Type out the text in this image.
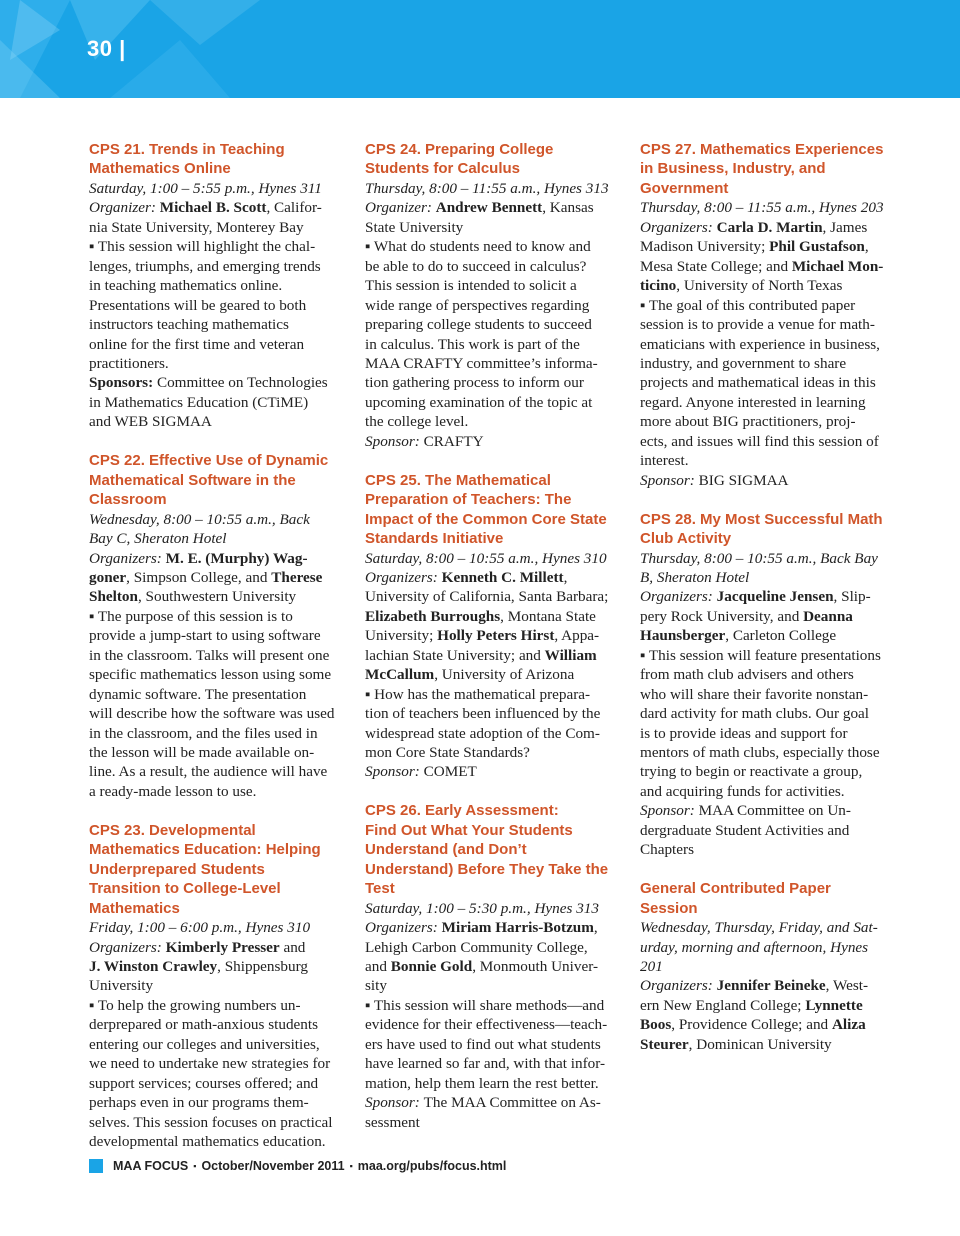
30 |
CPS 21. Trends in Teaching
Mathematics Online
Saturday, 1:00 – 5:55 p.m., Hynes 311
Organizer: Michael B. Scott, Califor-
nia State University, Monterey Bay
▪ This session will highlight the chal-
lenges, triumphs, and emerging trends
in teaching mathematics online.
Presentations will be geared to both
instructors teaching mathematics
online for the first time and veteran
practitioners.
Sponsors: Committee on Technologies
in Mathematics Education (CTiME)
and WEB SIGMAA
CPS 22. Effective Use of Dynamic
Mathematical Software in the
Classroom
Wednesday, 8:00 – 10:55 a.m., Back
Bay C, Sheraton Hotel
Organizers: M. E. (Murphy) Wag-
goner, Simpson College, and Therese
Shelton, Southwestern University
▪ The purpose of this session is to
provide a jump-start to using software
in the classroom. Talks will present one
specific mathematics lesson using some
dynamic software. The presentation
will describe how the software was used
in the classroom, and the files used in
the lesson will be made available on-
line. As a result, the audience will have
a ready-made lesson to use.
CPS 23. Developmental
Mathematics Education: Helping
Underprepared Students
Transition to College-Level
Mathematics
Friday, 1:00 – 6:00 p.m., Hynes 310
Organizers: Kimberly Presser and
J. Winston Crawley, Shippensburg
University
▪ To help the growing numbers un-
derprepared or math-anxious students
entering our colleges and universities,
we need to undertake new strategies for
support services; courses offered; and
perhaps even in our programs them-
selves. This session focuses on practical
developmental mathematics education.
CPS 24. Preparing College
Students for Calculus
Thursday, 8:00 – 11:55 a.m., Hynes 313
Organizer: Andrew Bennett, Kansas
State University
▪ What do students need to know and
be able to do to succeed in calculus?
This session is intended to solicit a
wide range of perspectives regarding
preparing college students to succeed
in calculus. This work is part of the
MAA CRAFTY committee’s informa-
tion gathering process to inform our
upcoming examination of the topic at
the college level.
Sponsor: CRAFTY
CPS 25. The Mathematical
Preparation of Teachers: The
Impact of the Common Core State
Standards Initiative
Saturday, 8:00 – 10:55 a.m., Hynes 310
Organizers: Kenneth C. Millett,
University of California, Santa Barbara;
Elizabeth Burroughs, Montana State
University; Holly Peters Hirst, Appa-
lachian State University; and William
McCallum, University of Arizona
▪ How has the mathematical prepara-
tion of teachers been influenced by the
widespread state adoption of the Com-
mon Core State Standards?
Sponsor: COMET
CPS 26. Early Assessment:
Find Out What Your Students
Understand (and Don’t
Understand) Before They Take the
Test
Saturday, 1:00 – 5:30 p.m., Hynes 313
Organizers: Miriam Harris-Botzum,
Lehigh Carbon Community College,
and Bonnie Gold, Monmouth Univer-
sity
▪ This session will share methods—and
evidence for their effectiveness—teach-
ers have used to find out what students
have learned so far and, with that infor-
mation, help them learn the rest better.
Sponsor: The MAA Committee on As-
sessment
CPS 27. Mathematics Experiences
in Business, Industry, and
Government
Thursday, 8:00 – 11:55 a.m., Hynes 203
Organizers: Carla D. Martin, James
Madison University; Phil Gustafson,
Mesa State College; and Michael Mon-
ticino, University of North Texas
▪ The goal of this contributed paper
session is to provide a venue for math-
ematicians with experience in business,
industry, and government to share
projects and mathematical ideas in this
regard. Anyone interested in learning
more about BIG practitioners, proj-
ects, and issues will find this session of
interest.
Sponsor: BIG SIGMAA
CPS 28. My Most Successful Math
Club Activity
Thursday, 8:00 – 10:55 a.m., Back Bay
B, Sheraton Hotel
Organizers: Jacqueline Jensen, Slip-
pery Rock University, and Deanna
Haunsberger, Carleton College
▪ This session will feature presentations
from math club advisers and others
who will share their favorite nonstan-
dard activity for math clubs. Our goal
is to provide ideas and support for
mentors of math clubs, especially those
trying to begin or reactivate a group,
and acquiring funds for activities.
Sponsor: MAA Committee on Un-
dergraduate Student Activities and
Chapters
General Contributed Paper
Session
Wednesday, Thursday, Friday, and Sat-
urday, morning and afternoon, Hynes
201
Organizers: Jennifer Beineke, West-
ern New England College; Lynnette
Boos, Providence College; and Aliza
Steurer, Dominican University
MAA FOCUS ▪ October/November 2011 ▪ maa.org/pubs/focus.html
